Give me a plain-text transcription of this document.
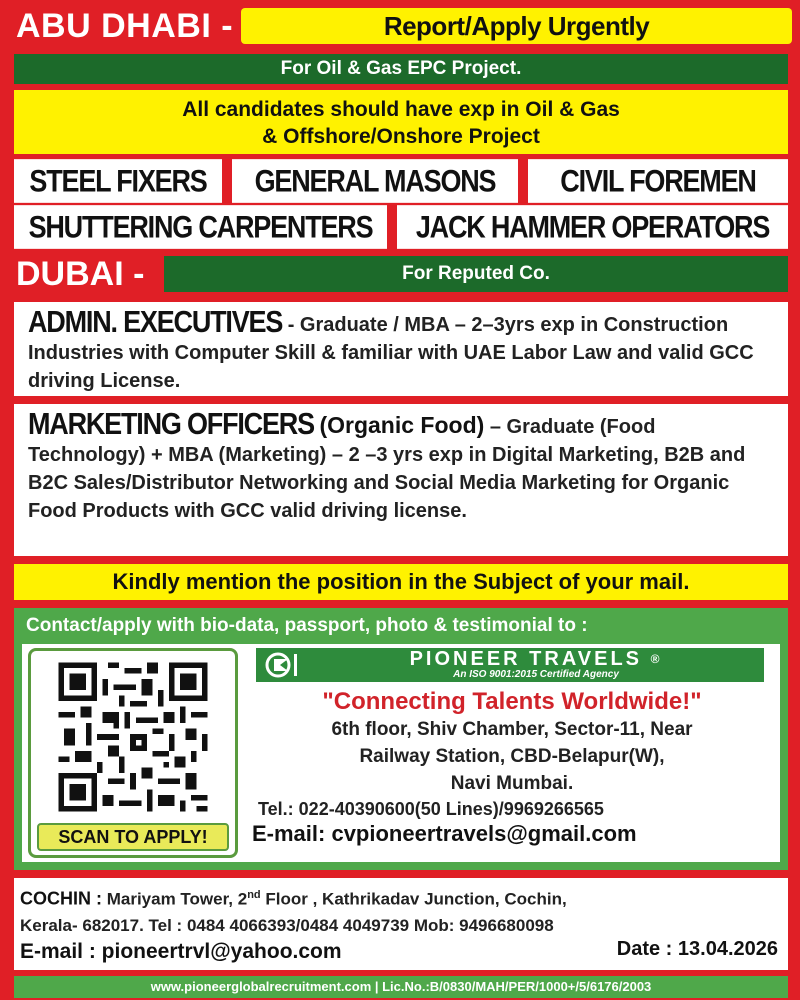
ABU DHABI -	Report/Apply Urgently
For Oil & Gas EPC Project.
All candidates should have exp in Oil & Gas
& Offshore/Onshore Project
STEEL FIXERS	GENERAL MASONS	CIVIL FOREMEN
SHUTTERING CARPENTERS	JACK HAMMER OPERATORS
DUBAI -	For Reputed Co.
ADMIN. EXECUTIVES - Graduate / MBA – 2–3yrs exp in Construction Industries with Computer Skill & familiar with UAE Labor Law and valid GCC driving License.
MARKETING OFFICERS (Organic Food) – Graduate (Food Technology) + MBA (Marketing) – 2 –3 yrs exp in Digital Marketing, B2B and B2C Sales/Distributor Networking and Social Media Marketing for Organic Food Products with GCC valid driving license.
Kindly mention the position in the Subject of your mail.
Contact/apply with bio-data, passport, photo & testimonial to :
SCAN TO APPLY!
PIONEER TRAVELS ®
An ISO 9001:2015 Certified Agency
"Connecting Talents Worldwide!"
6th floor, Shiv Chamber, Sector-11, Near
Railway Station, CBD-Belapur(W),
Navi Mumbai.
Tel.: 022-40390600(50 Lines)/9969266565
E-mail: cvpioneertravels@gmail.com
COCHIN : Mariyam Tower, 2nd Floor , Kathrikadav Junction, Cochin,
Kerala- 682017. Tel : 0484 4066393/0484 4049739 Mob: 9496680098
E-mail : pioneertrvl@yahoo.com	Date : 13.04.2026
www.pioneerglobalrecruitment.com | Lic.No.:B/0830/MAH/PER/1000+/5/6176/2003
